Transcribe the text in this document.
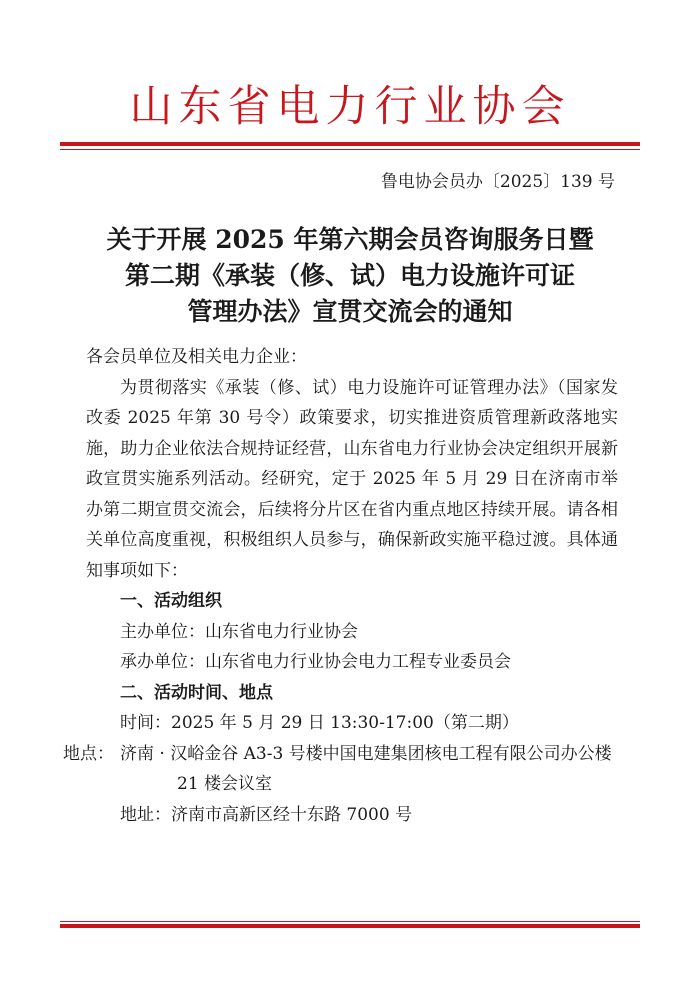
山东省电力行业协会
鲁电协会员办〔2025〕139 号
关于开展 2025 年第六期会员咨询服务日暨
第二期《承装（修、试）电力设施许可证
管理办法》宣贯交流会的通知

各会员单位及相关电力企业：

为贯彻落实《承装（修、试）电力设施许可证管理办法》（国家发改委 2025 年第 30 号令）政策要求，切实推进资质管理新政落地实施，助力企业依法合规持证经营，山东省电力行业协会决定组织开展新政宣贯实施系列活动。经研究，定于 2025 年 5 月 29 日在济南市举办第二期宣贯交流会，后续将分片区在省内重点地区持续开展。请各相关单位高度重视，积极组织人员参与，确保新政实施平稳过渡。具体通知事项如下：

一、活动组织

主办单位：山东省电力行业协会

承办单位：山东省电力行业协会电力工程专业委员会

二、活动时间、地点

时间：2025 年 5 月 29 日 13:30-17:00（第二期）

地点： 济南 · 汉峪金谷 A3-3 号楼中国电建集团核电工程有限公司办公楼 21 楼会议室

地址：济南市高新区经十东路 7000 号
